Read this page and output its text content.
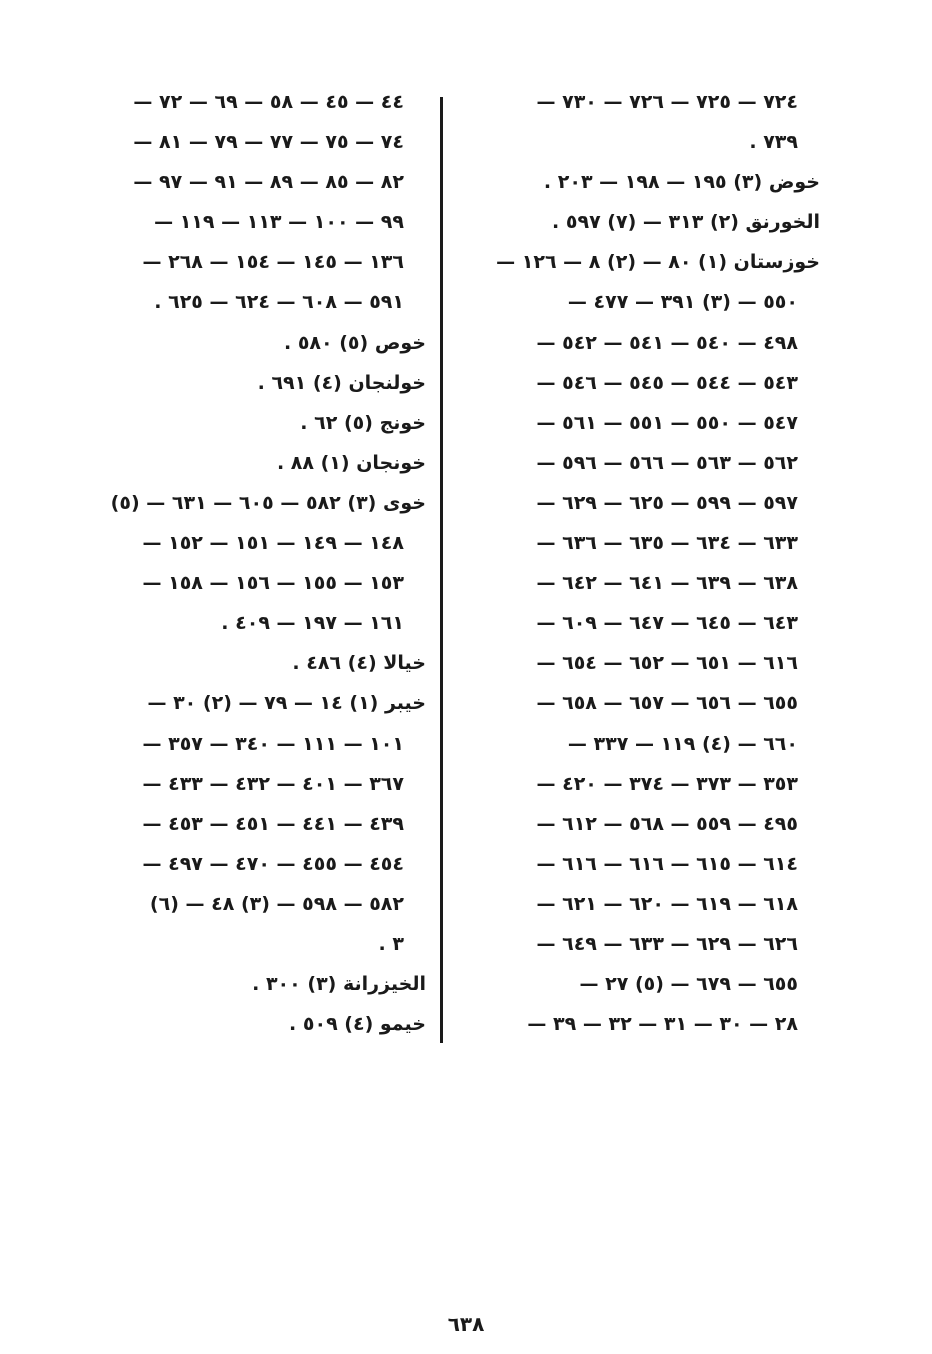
٧٢٤ — ٧٢٥ — ٧٢٦ — ٧٣٠ —
٧٣٩ .
خوض (٣) ١٩٥ — ١٩٨ — ٢٠٣ .
الخورنق (٢) ٣١٣ — (٧) ٥٩٧ .
خوزستان (١) ٨٠ — (٢) ٨ — ١٢٦ —
٥٥٠ — (٣) ٣٩١ — ٤٧٧ —
٤٩٨ — ٥٤٠ — ٥٤١ — ٥٤٢ —
٥٤٣ — ٥٤٤ — ٥٤٥ — ٥٤٦ —
٥٤٧ — ٥٥٠ — ٥٥١ — ٥٦١ —
٥٦٢ — ٥٦٣ — ٥٦٦ — ٥٩٦ —
٥٩٧ — ٥٩٩ — ٦٢٥ — ٦٢٩ —
٦٣٣ — ٦٣٤ — ٦٣٥ — ٦٣٦ —
٦٣٨ — ٦٣٩ — ٦٤١ — ٦٤٢ —
٦٤٣ — ٦٤٥ — ٦٤٧ — ٦٠٩ —
٦١٦ — ٦٥١ — ٦٥٢ — ٦٥٤ —
٦٥٥ — ٦٥٦ — ٦٥٧ — ٦٥٨ —
٦٦٠ — (٤) ١١٩ — ٣٣٧ —
٣٥٣ — ٣٧٣ — ٣٧٤ — ٤٢٠ —
٤٩٥ — ٥٥٩ — ٥٦٨ — ٦١٢ —
٦١٤ — ٦١٥ — ٦١٦ — ٦١٦ —
٦١٨ — ٦١٩ — ٦٢٠ — ٦٢١ —
٦٢٦ — ٦٢٩ — ٦٣٣ — ٦٤٩ —
٦٥٥ — ٦٧٩ — (٥) ٢٧ —
٢٨ — ٣٠ — ٣١ — ٣٢ — ٣٩ —
٤٤ — ٤٥ — ٥٨ — ٦٩ — ٧٢ —
٧٤ — ٧٥ — ٧٧ — ٧٩ — ٨١ —
٨٢ — ٨٥ — ٨٩ — ٩١ — ٩٧ —
٩٩ — ١٠٠ — ١١٣ — ١١٩ —
١٣٦ — ١٤٥ — ١٥٤ — ٢٦٨ —
٥٩١ — ٦٠٨ — ٦٢٤ — ٦٢٥ .
خوص (٥) ٥٨٠ .
خولنجان (٤) ٦٩١ .
خونج (٥) ٦٢ .
خونجان (١) ٨٨ .
خوى (٣) ٥٨٢ — ٦٠٥ — ٦٣١ — (٥)
١٤٨ — ١٤٩ — ١٥١ — ١٥٢ —
١٥٣ — ١٥٥ — ١٥٦ — ١٥٨ —
١٦١ — ١٩٧ — ٤٠٩ .
خيالا (٤) ٤٨٦ .
خيبر (١) ١٤ — ٧٩ — (٢) ٣٠ —
١٠١ — ١١١ — ٣٤٠ — ٣٥٧ —
٣٦٧ — ٤٠١ — ٤٣٢ — ٤٣٣ —
٤٣٩ — ٤٤١ — ٤٥١ — ٤٥٣ —
٤٥٤ — ٤٥٥ — ٤٧٠ — ٤٩٧ —
٥٨٢ — ٥٩٨ — (٣) ٤٨ — (٦)
٣ .
الخيزرانة (٣) ٣٠٠ .
خيمو (٤) ٥٠٩ .
٦٣٨
